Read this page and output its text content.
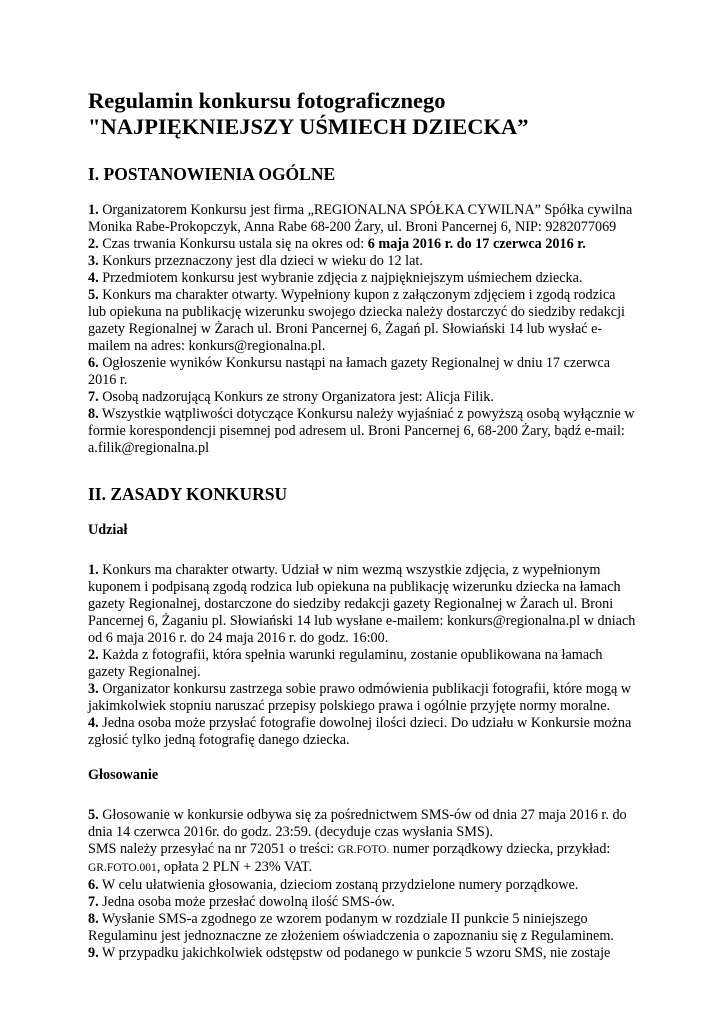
Regulamin konkursu fotograficznego
"NAJPIĘKNIEJSZY UŚMIECH DZIECKA”
I. POSTANOWIENIA OGÓLNE

1. Organizatorem Konkursu jest firma „REGIONALNA SPÓŁKA CYWILNA” Spółka cywilna Monika Rabe-Prokopczyk, Anna Rabe 68-200 Żary, ul. Broni Pancernej 6, NIP: 9282077069

2. Czas trwania Konkursu ustala się na okres od: 6 maja 2016 r. do 17 czerwca 2016 r.

3. Konkurs przeznaczony jest dla dzieci w wieku do 12 lat.

4. Przedmiotem konkursu jest wybranie zdjęcia z najpiękniejszym uśmiechem dziecka.

5. Konkurs ma charakter otwarty. Wypełniony kupon z załączonym zdjęciem i zgodą rodzica lub opiekuna na publikację wizerunku swojego dziecka należy dostarczyć do siedziby redakcji gazety Regionalnej w Żarach ul. Broni Pancernej 6, Żagań pl. Słowiański 14 lub wysłać e-mailem na adres: konkurs@regionalna.pl.

6. Ogłoszenie wyników Konkursu nastąpi na łamach gazety Regionalnej w dniu 17 czerwca 2016 r.

7. Osobą nadzorującą Konkurs ze strony Organizatora jest: Alicja Filik.

8. Wszystkie wątpliwości dotyczące Konkursu należy wyjaśniać z powyższą osobą wyłącznie w formie korespondencji pisemnej pod adresem ul. Broni Pancernej 6, 68-200 Żary, bądź e-mail: a.filik@regionalna.pl

II. ZASADY KONKURSU
Udział

1. Konkurs ma charakter otwarty. Udział w nim wezmą wszystkie zdjęcia, z wypełnionym kuponem i podpisaną zgodą rodzica lub opiekuna na publikację wizerunku dziecka na łamach gazety Regionalnej, dostarczone do siedziby redakcji gazety Regionalnej w Żarach ul. Broni Pancernej 6, Żaganiu pl. Słowiański 14 lub wysłane e-mailem: konkurs@regionalna.pl w dniach od 6 maja 2016 r. do 24 maja 2016 r. do godz. 16:00.

2. Każda z fotografii, która spełnia warunki regulaminu, zostanie opublikowana na łamach gazety Regionalnej.

3. Organizator konkursu zastrzega sobie prawo odmówienia publikacji fotografii, które mogą w jakimkolwiek stopniu naruszać przepisy polskiego prawa i ogólnie przyjęte normy moralne.

4. Jedna osoba może przysłać fotografie dowolnej ilości dzieci. Do udziału w Konkursie można zgłosić tylko jedną fotografię danego dziecka.

Głosowanie

5. Głosowanie w konkursie odbywa się za pośrednictwem SMS-ów od dnia 27 maja 2016 r. do dnia 14 czerwca 2016r. do godz. 23:59. (decyduje czas wysłania SMS).

SMS należy przesyłać na nr 72051 o treści: GR.FOTO. numer porządkowy dziecka, przykład: GR.FOTO.001, opłata 2 PLN + 23% VAT.

6. W celu ułatwienia głosowania, dzieciom zostaną przydzielone numery porządkowe.

7. Jedna osoba może przesłać dowolną ilość SMS-ów.

8. Wysłanie SMS-a zgodnego ze wzorem podanym w rozdziale II punkcie 5 niniejszego Regulaminu jest jednoznaczne ze złożeniem oświadczenia o zapoznaniu się z Regulaminem.

9. W przypadku jakichkolwiek odstępstw od podanego w punkcie 5 wzoru SMS, nie zostaje
